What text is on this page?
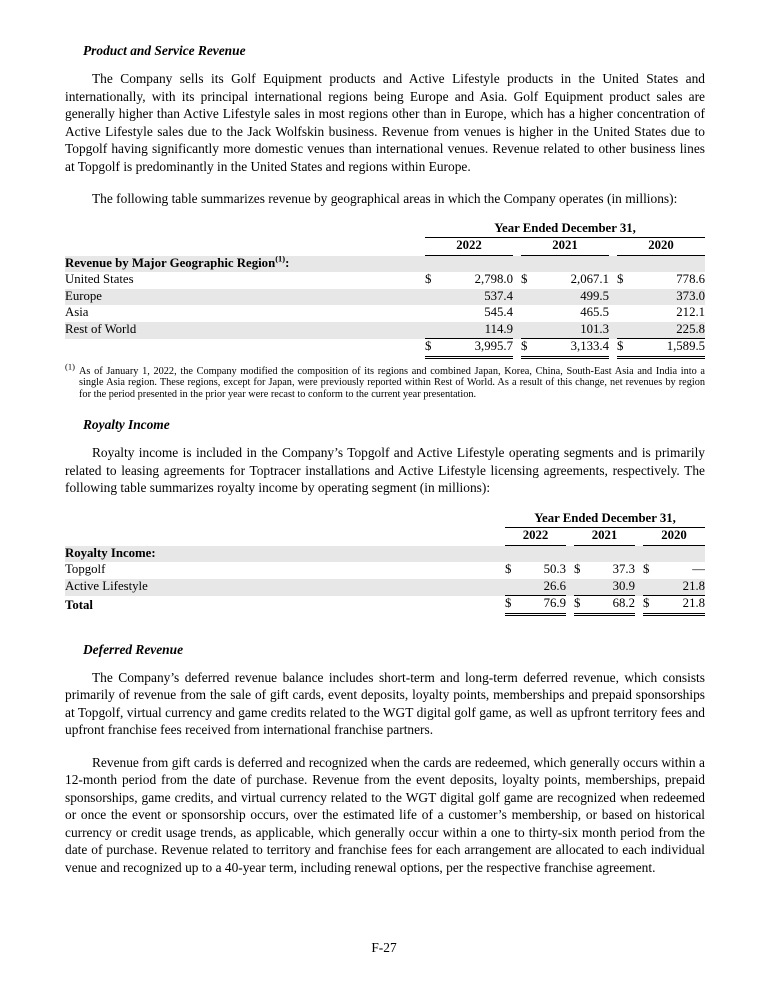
Product and Service Revenue

The Company sells its Golf Equipment products and Active Lifestyle products in the United States and internationally, with its principal international regions being Europe and Asia. Golf Equipment product sales are generally higher than Active Lifestyle sales in most regions other than in Europe, which has a higher concentration of Active Lifestyle sales due to the Jack Wolfskin business. Revenue from venues is higher in the United States due to Topgolf having significantly more domestic venues than international venues. Revenue related to other business lines at Topgolf is predominantly in the United States and regions within Europe.

The following table summarizes revenue by geographical areas in which the Company operates (in millions):

	Year Ended December 31,							
	2022			2021			2020	
Revenue by Major Geographic Region$^{(1)}$:								
United States	$	2,798.0		$	2,067.1		$	778.6
Europe		537.4			499.5			373.0
Asia		545.4			465.5			212.1
Rest of World		114.9			101.3			225.8
	$	3,995.7		$	3,133.4		$	1,589.5
$^{(1)}$ As of January 1, 2022, the Company modified the composition of its regions and combined Japan, Korea, China, South-East Asia and India into a single Asia region. These regions, except for Japan, were previously reported within Rest of World. As a result of this change, net revenues by region for the period presented in the prior year were recast to conform to the current year presentation.
Royalty Income

Royalty income is included in the Company’s Topgolf and Active Lifestyle operating segments and is primarily related to leasing agreements for Toptracer installations and Active Lifestyle licensing agreements, respectively. The following table summarizes royalty income by operating segment (in millions):

	Year Ended December 31,							
	2022			2021			2020	
Royalty Income:								
Topgolf	$	50.3		$	37.3		$	—
Active Lifestyle		26.6			30.9			21.8
Total	$	76.9		$	68.2		$	21.8
Deferred Revenue

The Company’s deferred revenue balance includes short-term and long-term deferred revenue, which consists primarily of revenue from the sale of gift cards, event deposits, loyalty points, memberships and prepaid sponsorships at Topgolf, virtual currency and game credits related to the WGT digital golf game, as well as upfront territory fees and upfront franchise fees received from international franchise partners.

Revenue from gift cards is deferred and recognized when the cards are redeemed, which generally occurs within a 12-month period from the date of purchase. Revenue from the event deposits, loyalty points, memberships, prepaid sponsorships, game credits, and virtual currency related to the WGT digital golf game are recognized when redeemed or once the event or sponsorship occurs, over the estimated life of a customer’s membership, or based on historical currency or credit usage trends, as applicable, which generally occur within a one to thirty-six month period from the date of purchase. Revenue related to territory and franchise fees for each arrangement are allocated to each individual venue and recognized up to a 40-year term, including renewal options, per the respective franchise agreement.

F-27
